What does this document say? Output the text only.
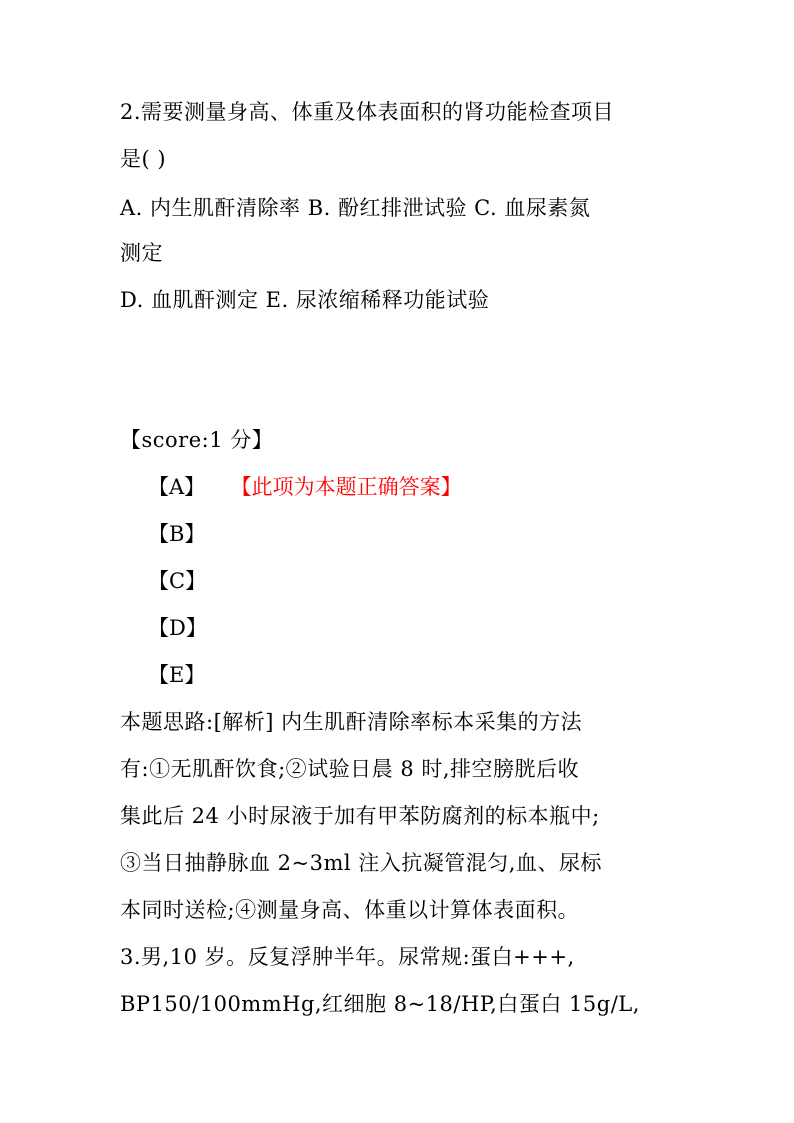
2.需要测量身高、体重及体表面积的肾功能检查项目
是( )
A. 内生肌酐清除率 B. 酚红排泄试验 C. 血尿素氮
测定
D. 血肌酐测定 E. 尿浓缩稀释功能试验
【score:1 分】
【A】 【此项为本题正确答案】
【B】
【C】
【D】
【E】
本题思路:[解析] 内生肌酐清除率标本采集的方法
有:①无肌酐饮食;②试验日晨 8 时,排空膀胱后收
集此后 24 小时尿液于加有甲苯防腐剂的标本瓶中;
③当日抽静脉血 2~3ml 注入抗凝管混匀,血、尿标
本同时送检;④测量身高、体重以计算体表面积。
3.男,10 岁。反复浮肿半年。尿常规:蛋白+++,
BP150/100mmHg,红细胞 8~18/HP,白蛋白 15g/L,
